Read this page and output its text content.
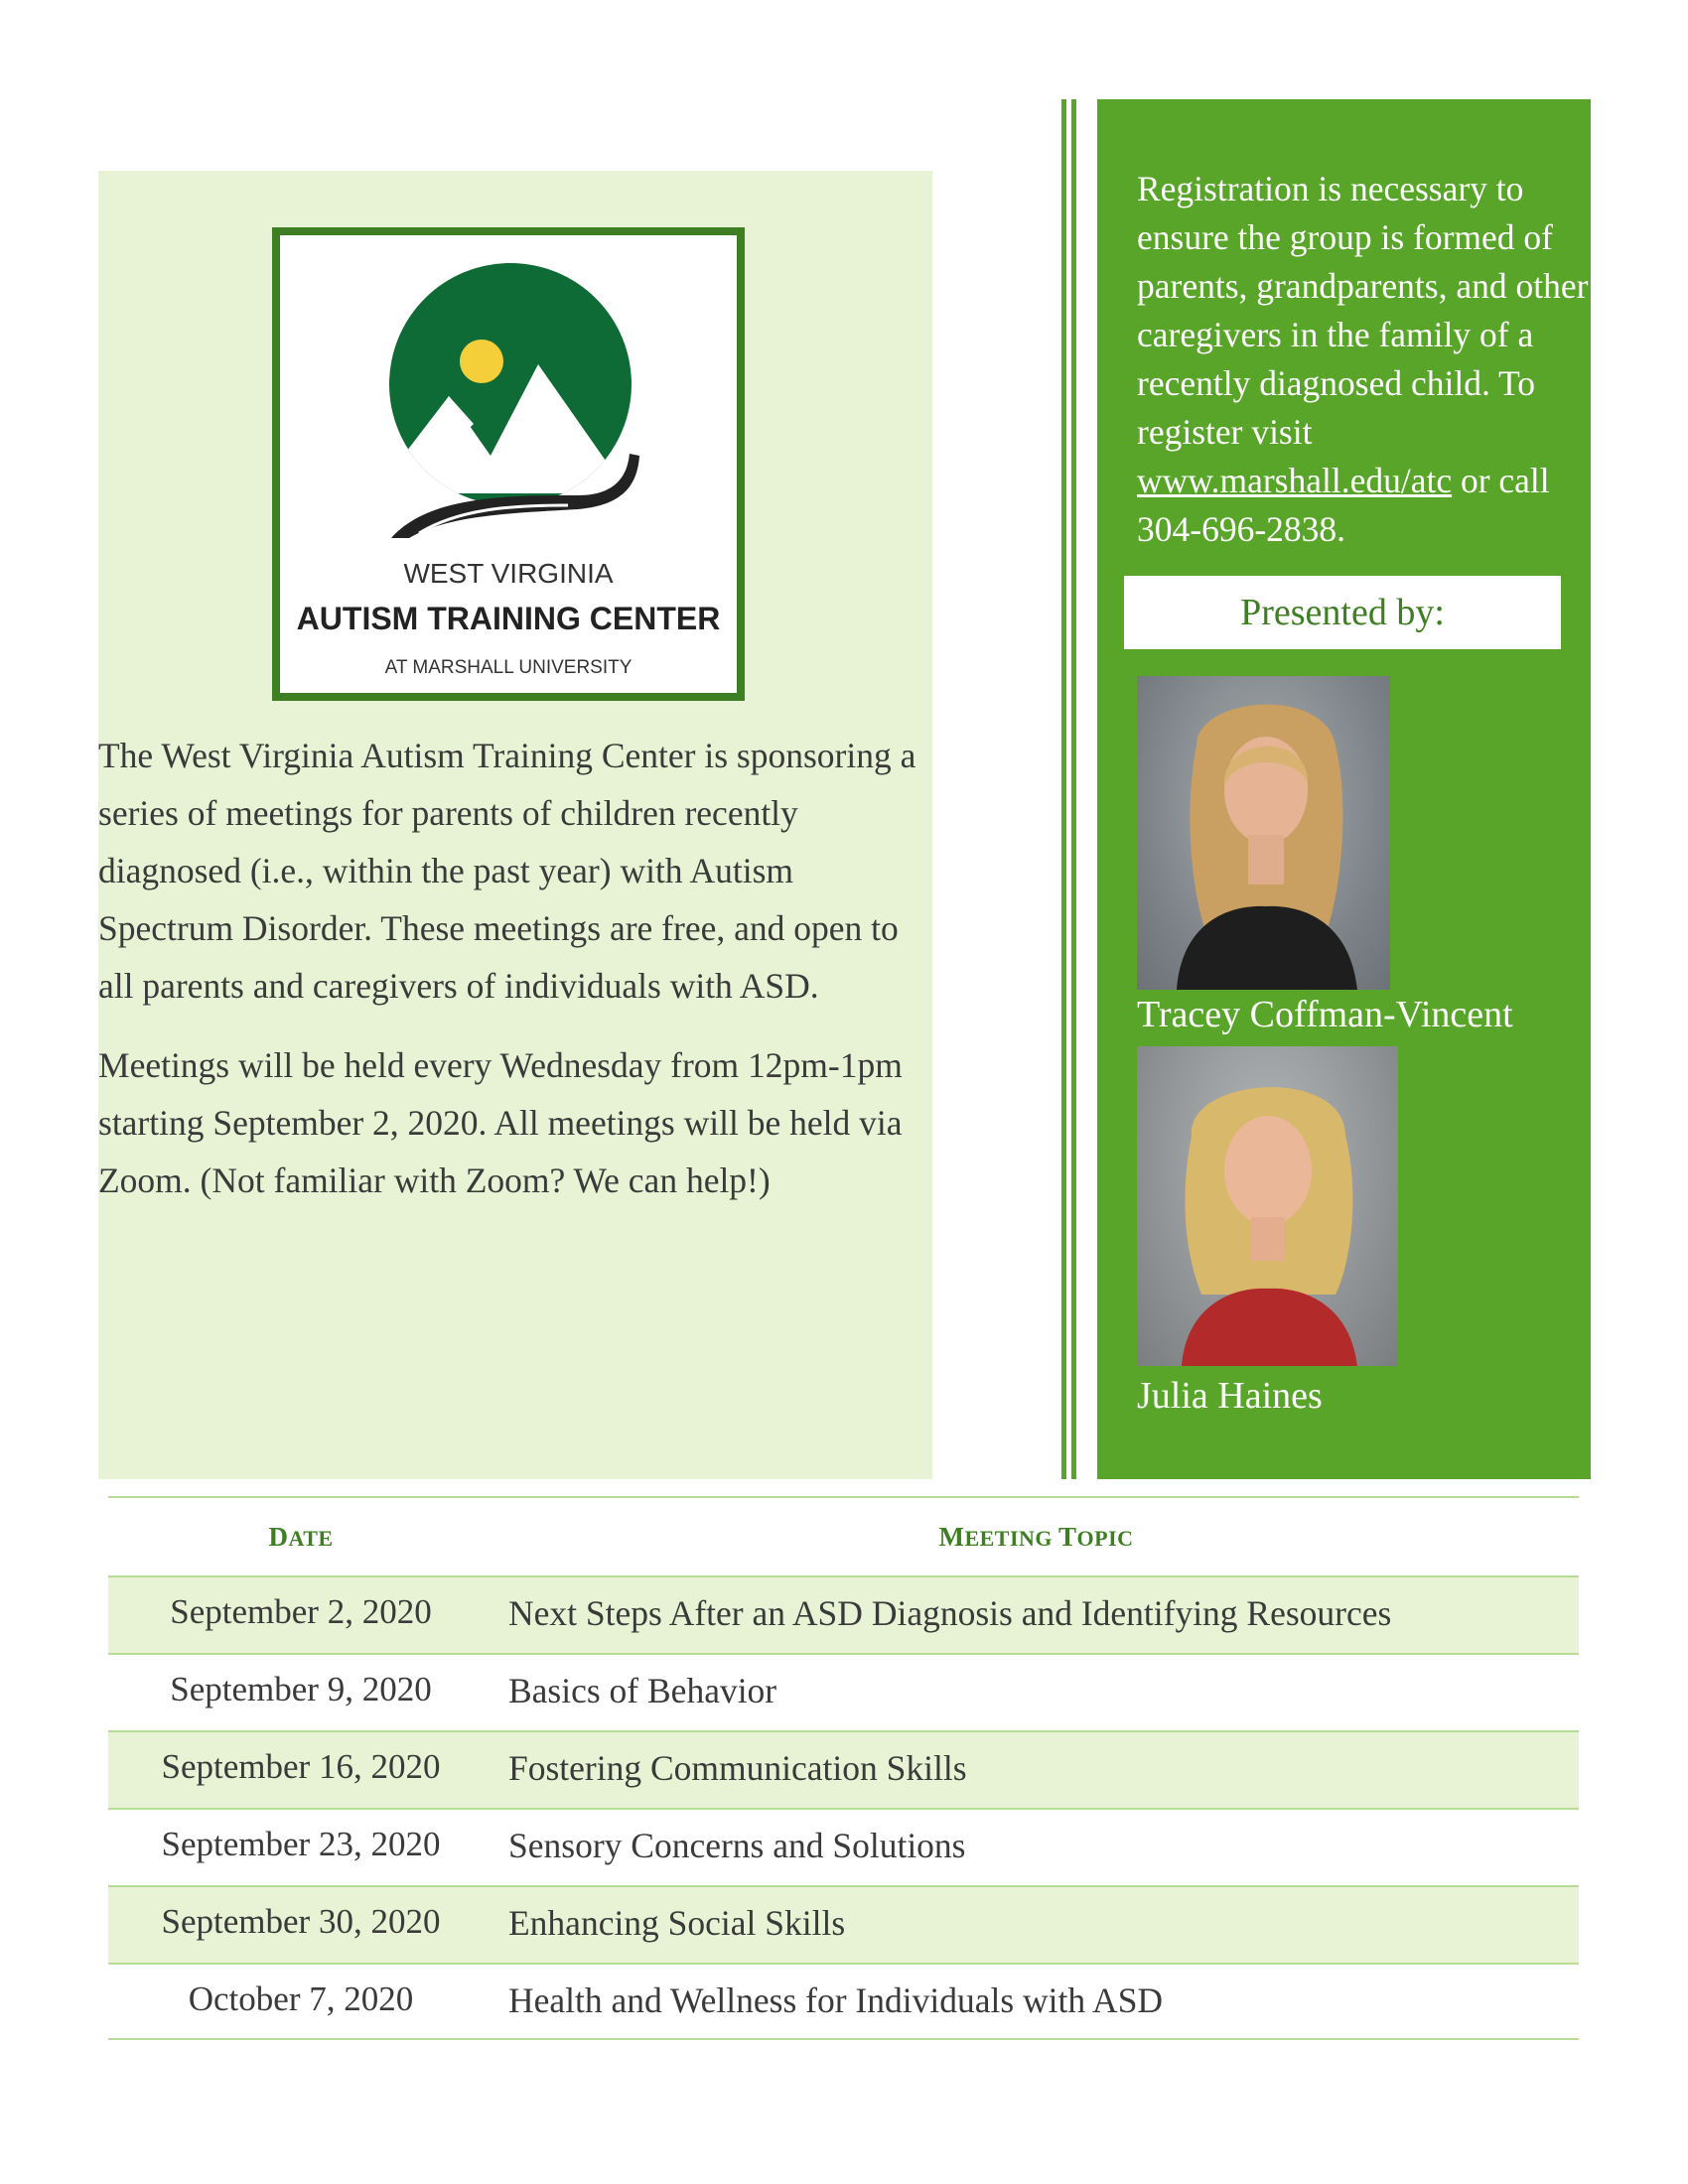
WEST VIRGINIA
AUTISM TRAINING CENTER
AT MARSHALL UNIVERSITY

The West Virginia Autism Training Center is sponsoring a series of meetings for parents of children recently diagnosed (i.e., within the past year) with Autism Spectrum Disorder. These meetings are free, and open to all parents and caregivers of individuals with ASD.

Meetings will be held every Wednesday from 12pm-1pm starting September 2, 2020. All meetings will be held via Zoom. (Not familiar with Zoom? We can help!)

Registration is necessary to ensure the group is formed of parents, grandparents, and other caregivers in the family of a recently diagnosed child. To register visit www.marshall.edu/atc or call 304-696-2838.

Presented by:
Tracey Coffman-Vincent
Julia Haines
DATE	MEETING TOPIC
September 2, 2020	Next Steps After an ASD Diagnosis and Identifying Resources
September 9, 2020	Basics of Behavior
September 16, 2020	Fostering Communication Skills
September 23, 2020	Sensory Concerns and Solutions
September 30, 2020	Enhancing Social Skills
October 7, 2020	Health and Wellness for Individuals with ASD
